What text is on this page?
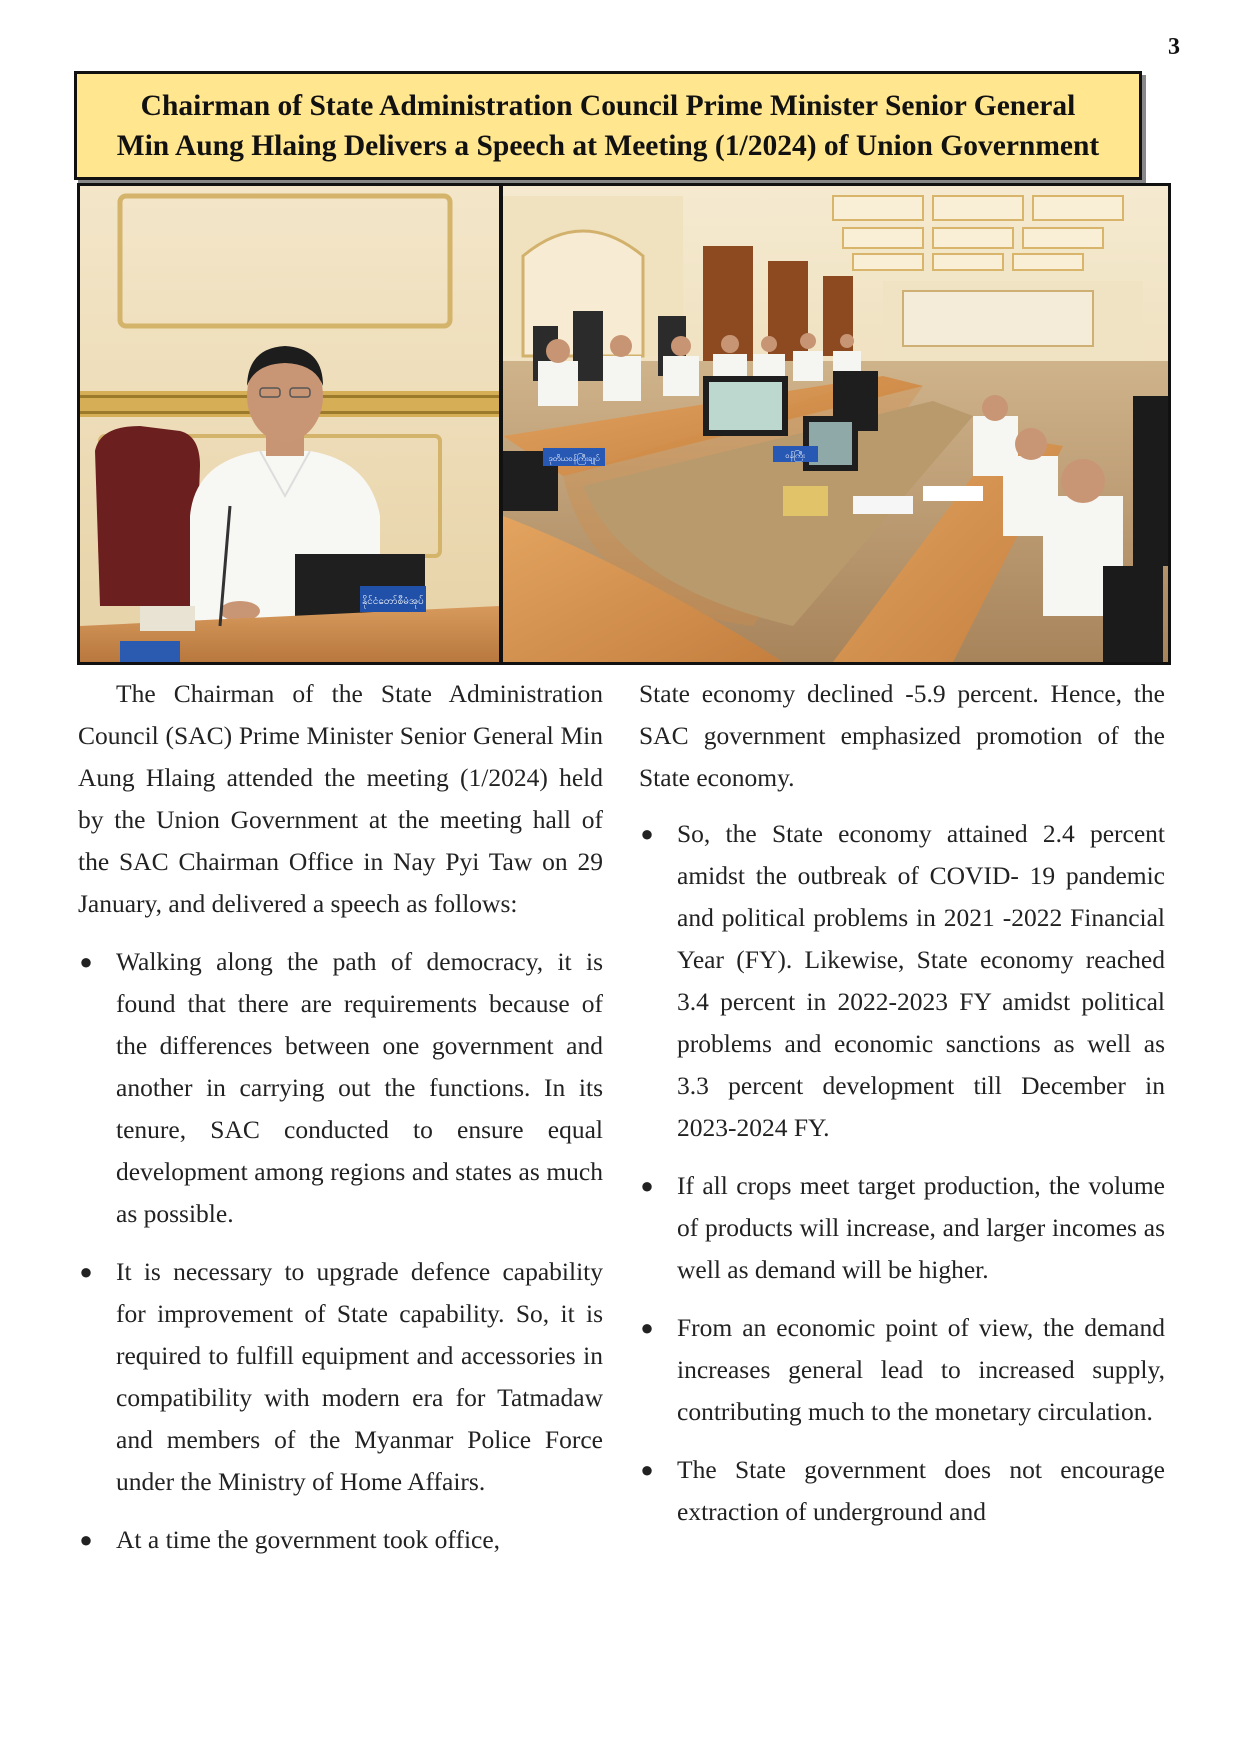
3
Chairman of State Administration Council Prime Minister Senior General
Min Aung Hlaing Delivers a Speech at Meeting (1/2024) of Union Government
နိုင်ငံတော်စီမံအုပ်
ဒုတိယဝန်ကြီးချုပ်	ဝန်ကြီး

The Chairman of the State Administration Council (SAC) Prime Minister Senior General Min Aung Hlaing attended the meeting (1/2024) held by the Union Government at the meeting hall of the SAC Chairman Office in Nay Pyi Taw on 29 January, and delivered a speech as follows:

● Walking along the path of democracy, it is found that there are requirements because of the differences between one government and another in carrying out the functions. In its tenure, SAC conducted to ensure equal development among regions and states as much as possible.
● It is necessary to upgrade defence capability for improvement of State capability. So, it is required to fulfill equipment and accessories in compatibility with modern era for Tatmadaw and members of the Myanmar Police Force under the Ministry of Home Affairs.
● At a time the government took office,

State economy declined -5.9 percent. Hence, the SAC government emphasized promotion of the State economy.

● So, the State economy attained 2.4 percent amidst the outbreak of COVID- 19 pandemic and political problems in 2021 -2022 Financial Year (FY). Likewise, State economy reached 3.4 percent in 2022-2023 FY amidst political problems and economic sanctions as well as 3.3 percent development till December in 2023-2024 FY.
● If all crops meet target production, the volume of products will increase, and larger incomes as well as demand will be higher.
● From an economic point of view, the demand increases general lead to increased supply, contributing much to the monetary circulation.
● The State government does not encourage extraction of underground and
